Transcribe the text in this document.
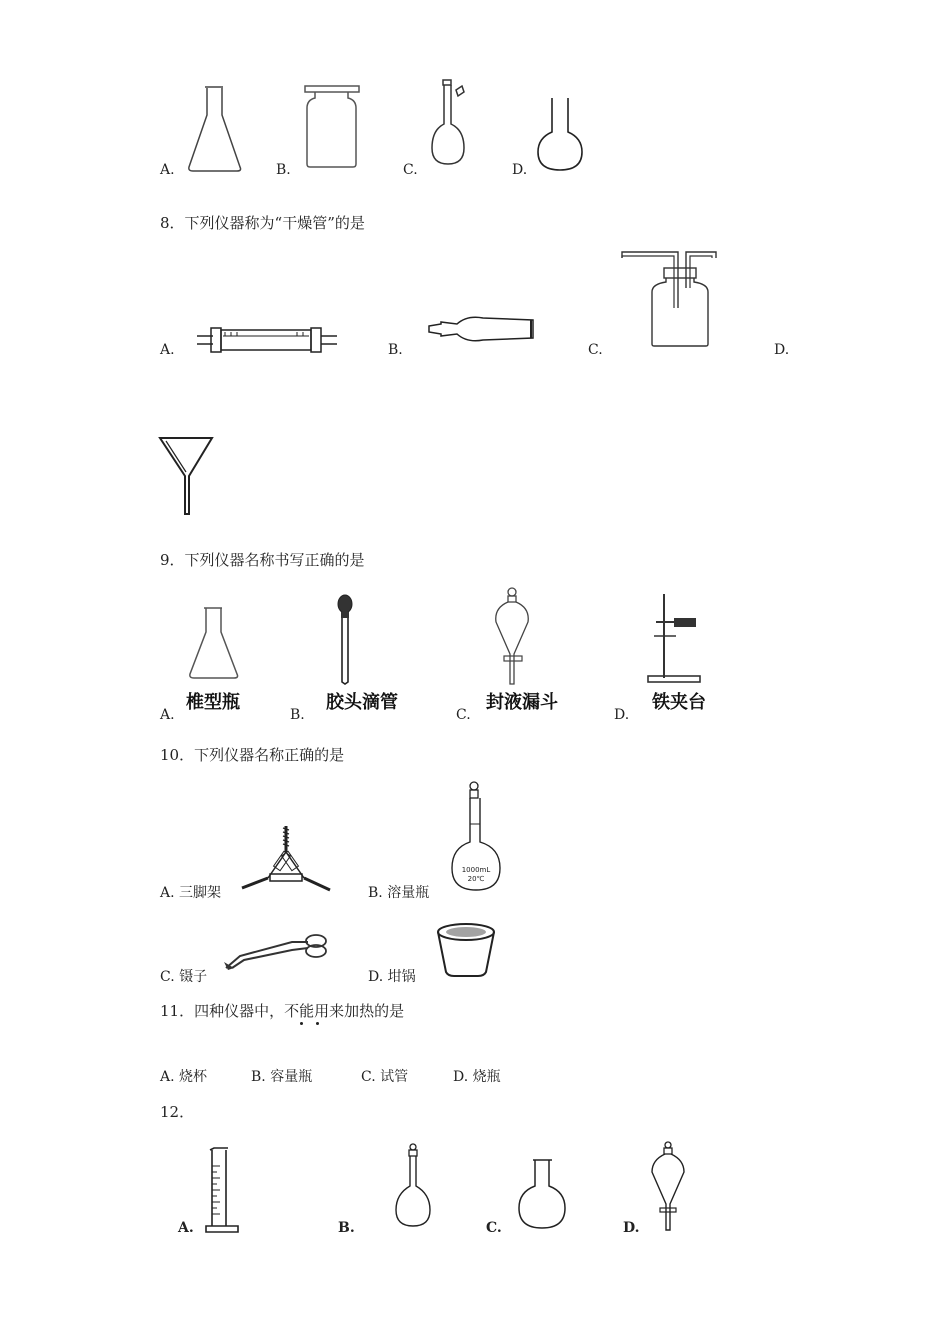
A.	B.	C.	D.
8．下列仪器称为“干燥管”的是
A.	B.	C.	D.
9．下列仪器名称书写正确的是
椎型瓶
A.
胶头滴管
B.
封液漏斗
C.
铁夹台
D.
10．下列仪器名称正确的是
A. 三脚架
1000mL
20℃
B. 溶量瓶
C. 镊子	D. 坩锅
11．四种仪器中，不能用来加热的是
A. 烧杯	B. 容量瓶	C. 试管	D. 烧瓶
12．
A.	B.	C.	D.
